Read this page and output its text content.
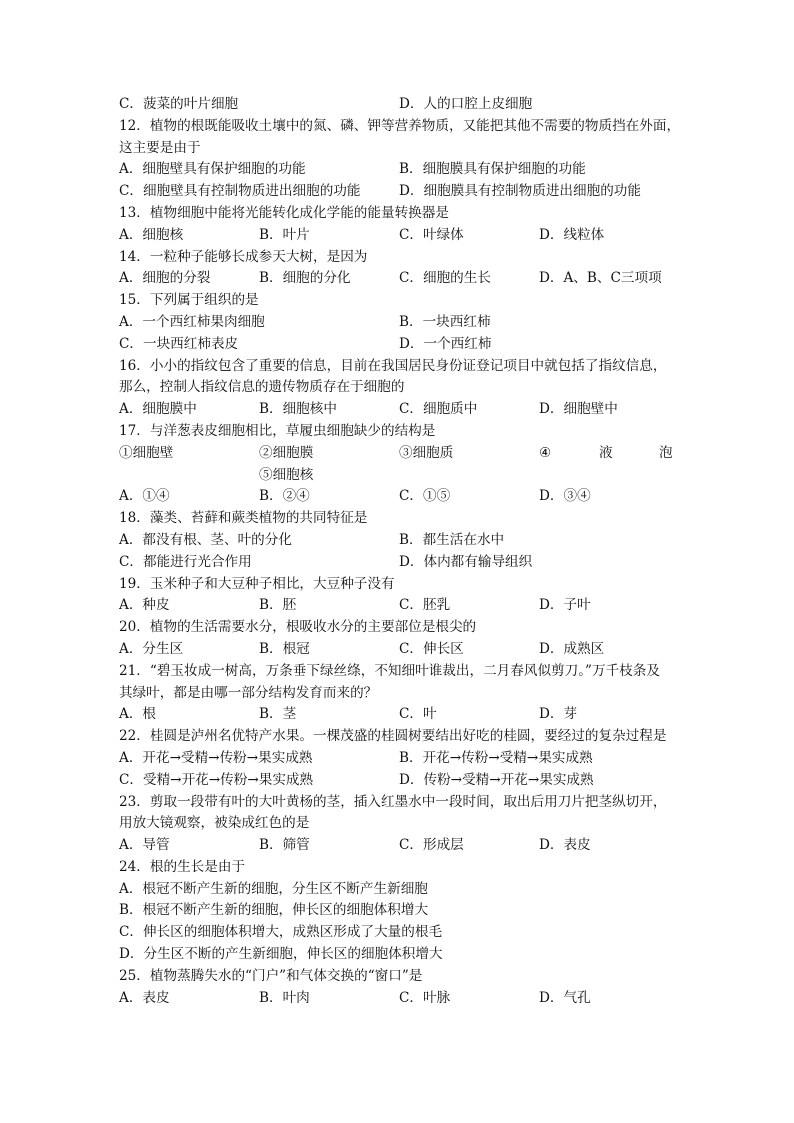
C．菠菜的叶片细胞	D．人的口腔上皮细胞
12．植物的根既能吸收土壤中的氮、磷、钾等营养物质，又能把其他不需要的物质挡在外面，
这主要是由于
A．细胞壁具有保护细胞的功能	B．细胞膜具有保护细胞的功能
C．细胞壁具有控制物质进出细胞的功能	D．细胞膜具有控制物质进出细胞的功能
13．植物细胞中能将光能转化成化学能的能量转换器是
A．细胞核	B．叶片	C．叶绿体	D．线粒体
14．一粒种子能够长成参天大树，是因为
A．细胞的分裂	B．细胞的分化	C．细胞的生长	D．A、B、C三项项
15．下列属于组织的是
A．一个西红柿果肉细胞	B．一块西红柿
C．一块西红柿表皮	D．一个西红柿
16．小小的指纹包含了重要的信息，目前在我国居民身份证登记项目中就包括了指纹信息，
那么，控制人指纹信息的遗传物质存在于细胞的
A．细胞膜中	B．细胞核中	C．细胞质中	D．细胞壁中
17．与洋葱表皮细胞相比，草履虫细胞缺少的结构是
①细胞壁	②细胞膜	③细胞质	④	液	泡
⑤细胞核
A．①④	B．②④	C．①⑤	D．③④
18．藻类、苔藓和蕨类植物的共同特征是
A．都没有根、茎、叶的分化	B．都生活在水中
C．都能进行光合作用	D．体内都有输导组织
19．玉米种子和大豆种子相比，大豆种子没有
A．种皮	B．胚	C．胚乳	D．子叶
20．植物的生活需要水分，根吸收水分的主要部位是根尖的
A．分生区	B．根冠	C．伸长区	D．成熟区
21．“碧玉妆成一树高，万条垂下绿丝绦，不知细叶谁裁出，二月春风似剪刀。”万千枝条及
其绿叶，都是由哪一部分结构发育而来的？
A．根	B．茎	C．叶	D．芽
22．桂圆是泸州名优特产水果。一棵茂盛的桂圆树要结出好吃的桂圆，要经过的复杂过程是
A．开花→受精→传粉→果实成熟	B．开花→传粉→受精→果实成熟
C．受精→开花→传粉→果实成熟	D．传粉→受精→开花→果实成熟
23．剪取一段带有叶的大叶黄杨的茎，插入红墨水中一段时间，取出后用刀片把茎纵切开，
用放大镜观察，被染成红色的是
A．导管	B．筛管	C．形成层	D．表皮
24．根的生长是由于
A．根冠不断产生新的细胞，分生区不断产生新细胞
B．根冠不断产生新的细胞，伸长区的细胞体积增大
C．伸长区的细胞体积增大，成熟区形成了大量的根毛
D．分生区不断的产生新细胞，伸长区的细胞体积增大
25．植物蒸腾失水的“门户”和气体交换的“窗口”是
A．表皮	B．叶肉	C．叶脉	D．气孔
